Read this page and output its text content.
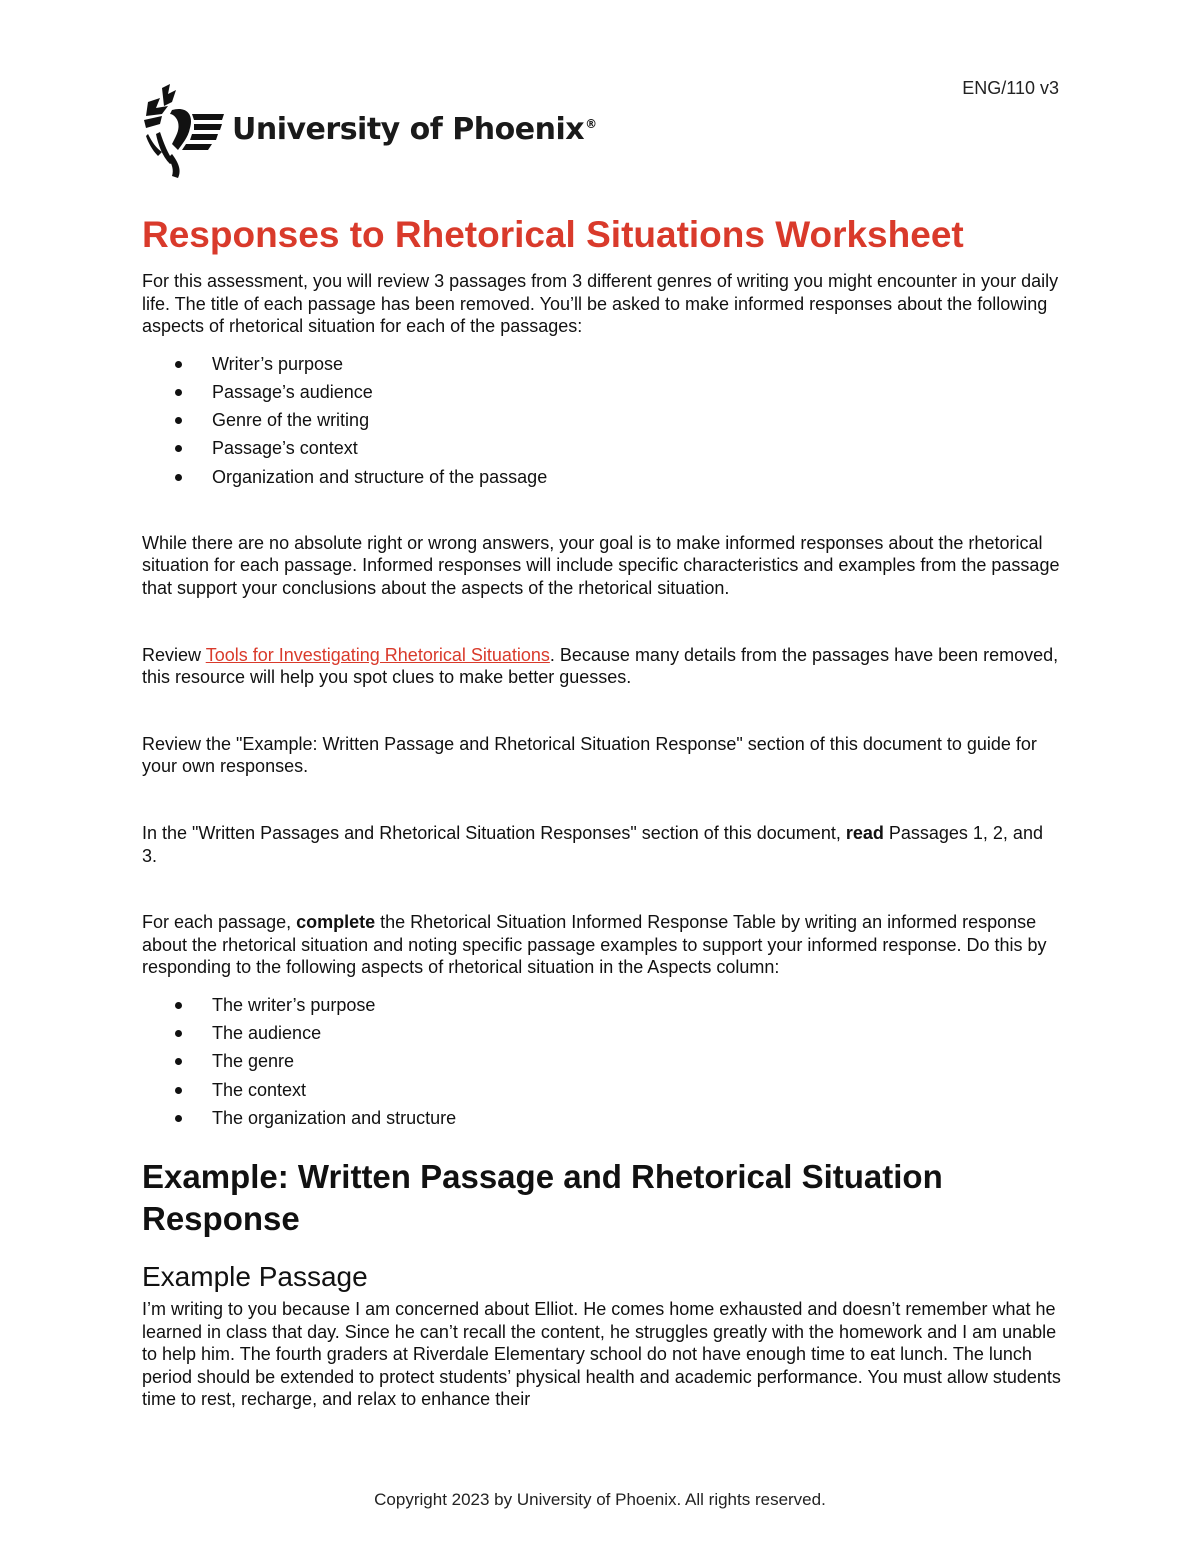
ENG/110 v3
University of Phoenix®
Responses to Rhetorical Situations Worksheet

For this assessment, you will review 3 passages from 3 different genres of writing you might encounter in your daily life. The title of each passage has been removed. You’ll be asked to make informed responses about the following aspects of rhetorical situation for each of the passages:

Writer’s purpose
Passage’s audience
Genre of the writing
Passage’s context
Organization and structure of the passage

While there are no absolute right or wrong answers, your goal is to make informed responses about the rhetorical situation for each passage. Informed responses will include specific characteristics and examples from the passage that support your conclusions about the aspects of the rhetorical situation.

Review Tools for Investigating Rhetorical Situations. Because many details from the passages have been removed, this resource will help you spot clues to make better guesses.

Review the "Example: Written Passage and Rhetorical Situation Response" section of this document to guide for your own responses.

In the "Written Passages and Rhetorical Situation Responses" section of this document, read Passages 1, 2, and 3.

For each passage, complete the Rhetorical Situation Informed Response Table by writing an informed response about the rhetorical situation and noting specific passage examples to support your informed response. Do this by responding to the following aspects of rhetorical situation in the Aspects column:

The writer’s purpose
The audience
The genre
The context
The organization and structure
Example: Written Passage and Rhetorical Situation Response
Example Passage

I’m writing to you because I am concerned about Elliot. He comes home exhausted and doesn’t remember what he learned in class that day. Since he can’t recall the content, he struggles greatly with the homework and I am unable to help him. The fourth graders at Riverdale Elementary school do not have enough time to eat lunch. The lunch period should be extended to protect students’ physical health and academic performance. You must allow students time to rest, recharge, and relax to enhance their

Copyright 2023 by University of Phoenix. All rights reserved.
